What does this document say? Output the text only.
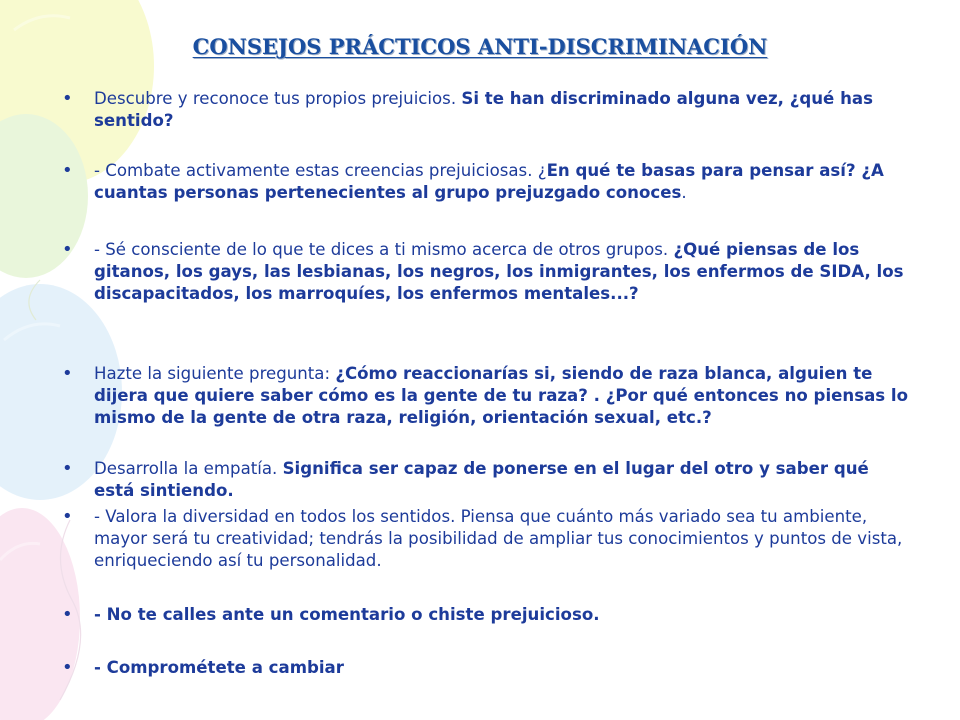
CONSEJOS PRÁCTICOS ANTI-DISCRIMINACIÓN
•	Descubre y reconoce tus propios prejuicios. Si te han discriminado alguna vez, ¿qué has sentido?
•	- Combate activamente estas creencias prejuiciosas. ¿En qué te basas para pensar así? ¿A cuantas personas pertenecientes al grupo prejuzgado conoces.
•	- Sé consciente de lo que te dices a ti mismo acerca de otros grupos. ¿Qué piensas de los gitanos, los gays, las lesbianas, los negros, los inmigrantes, los enfermos de SIDA, los discapacitados, los marroquíes, los enfermos mentales...?
•	Hazte la siguiente pregunta: ¿Cómo reaccionarías si, siendo de raza blanca, alguien te dijera que quiere saber cómo es la gente de tu raza? . ¿Por qué entonces no piensas lo mismo de la gente de otra raza, religión, orientación sexual, etc.?
•	Desarrolla la empatía. Significa ser capaz de ponerse en el lugar del otro y saber qué está sintiendo.
•	- Valora la diversidad en todos los sentidos. Piensa que cuánto más variado sea tu ambiente, mayor será tu creatividad; tendrás la posibilidad de ampliar tus conocimientos y puntos de vista, enriqueciendo así tu personalidad.
•	- No te calles ante un comentario o chiste prejuicioso.
•	- Comprométete a cambiar
